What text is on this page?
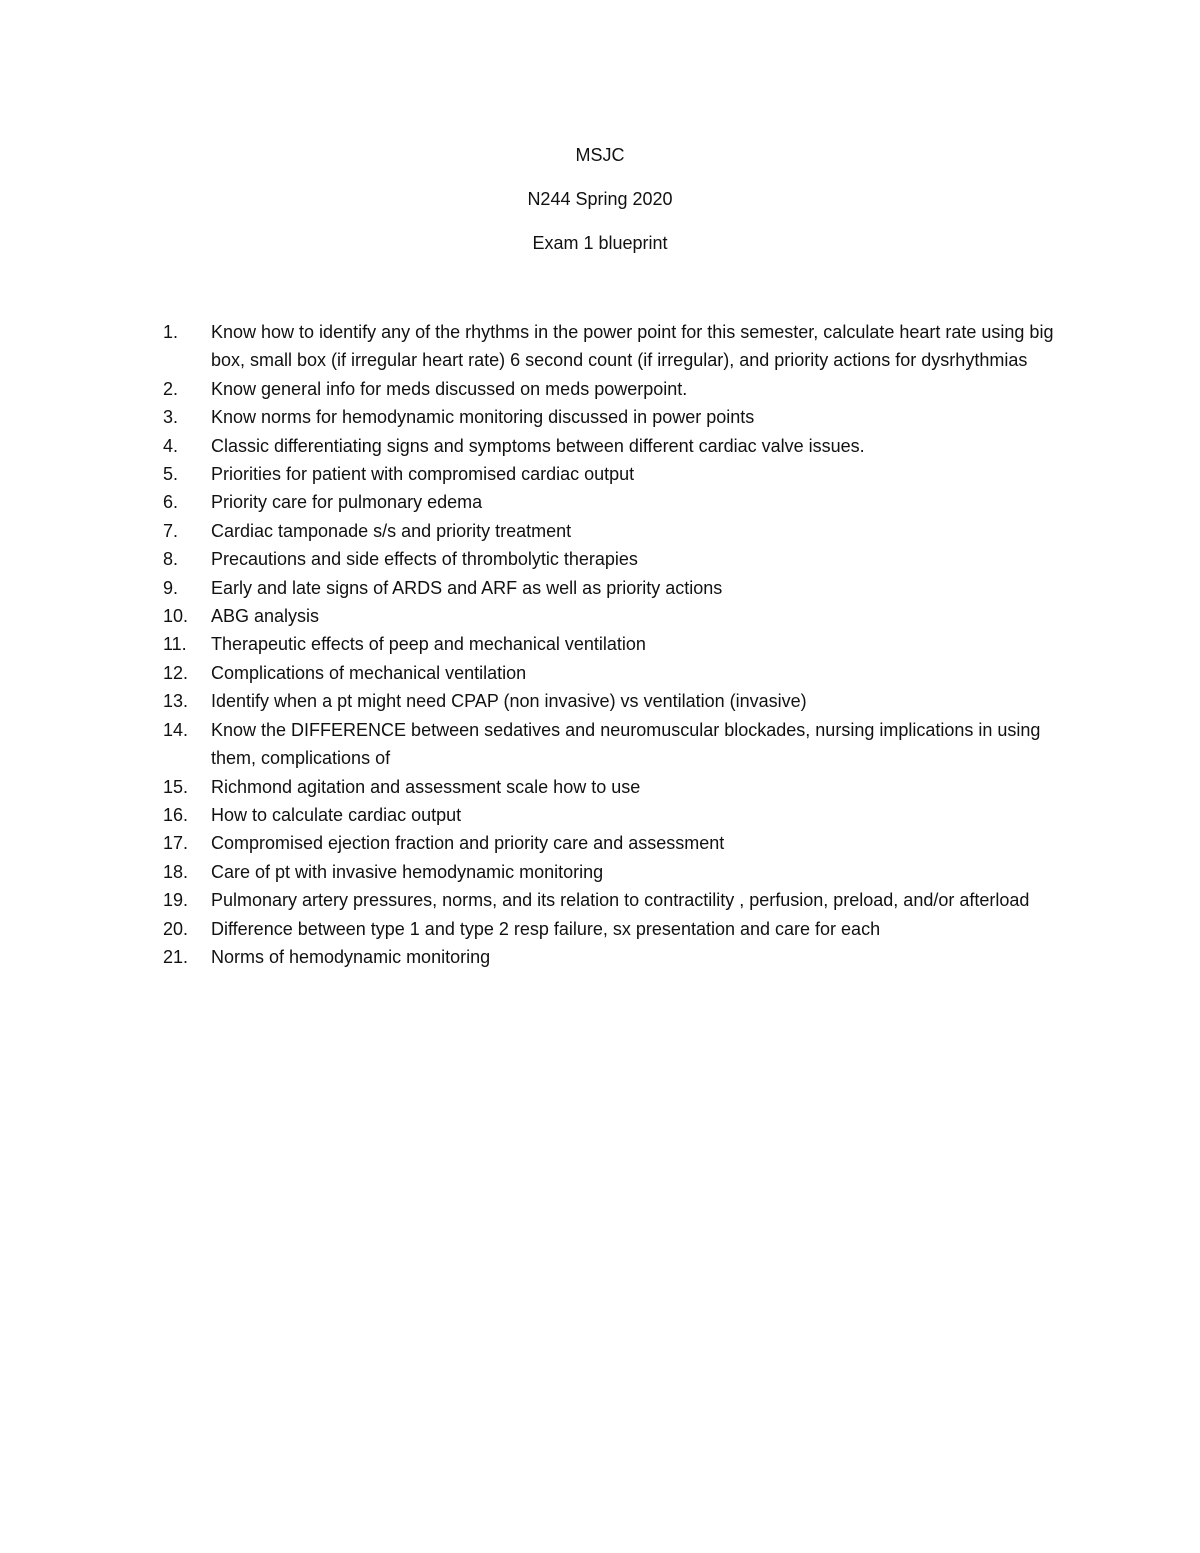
MSJC
N244 Spring 2020
Exam 1 blueprint
1.	Know how to identify any of the rhythms in the power point for this semester, calculate heart rate using big box, small box (if irregular heart rate) 6 second count (if irregular), and priority actions for dysrhythmias
2.	Know general info for meds discussed on meds powerpoint.
3.	Know norms for hemodynamic monitoring discussed in power points
4.	Classic differentiating signs and symptoms between different cardiac valve issues.
5.	Priorities for patient with compromised cardiac output
6.	Priority care for pulmonary edema
7.	Cardiac tamponade s/s and priority treatment
8.	Precautions and side effects of thrombolytic therapies
9.	Early and late signs of ARDS and ARF as well as priority actions
10.	ABG analysis
11.	Therapeutic effects of peep and mechanical ventilation
12.	Complications of mechanical ventilation
13.	Identify when a pt might need CPAP (non invasive) vs ventilation (invasive)
14.	Know the DIFFERENCE between sedatives and neuromuscular blockades, nursing implications in using them, complications of
15.	Richmond agitation and assessment scale how to use
16.	How to calculate cardiac output
17.	Compromised ejection fraction and priority care and assessment
18.	Care of pt with invasive hemodynamic monitoring
19.	Pulmonary artery pressures, norms, and its relation to contractility , perfusion, preload, and/or afterload
20.	Difference between type 1 and type 2 resp failure, sx presentation and care for each
21.	Norms of hemodynamic monitoring
